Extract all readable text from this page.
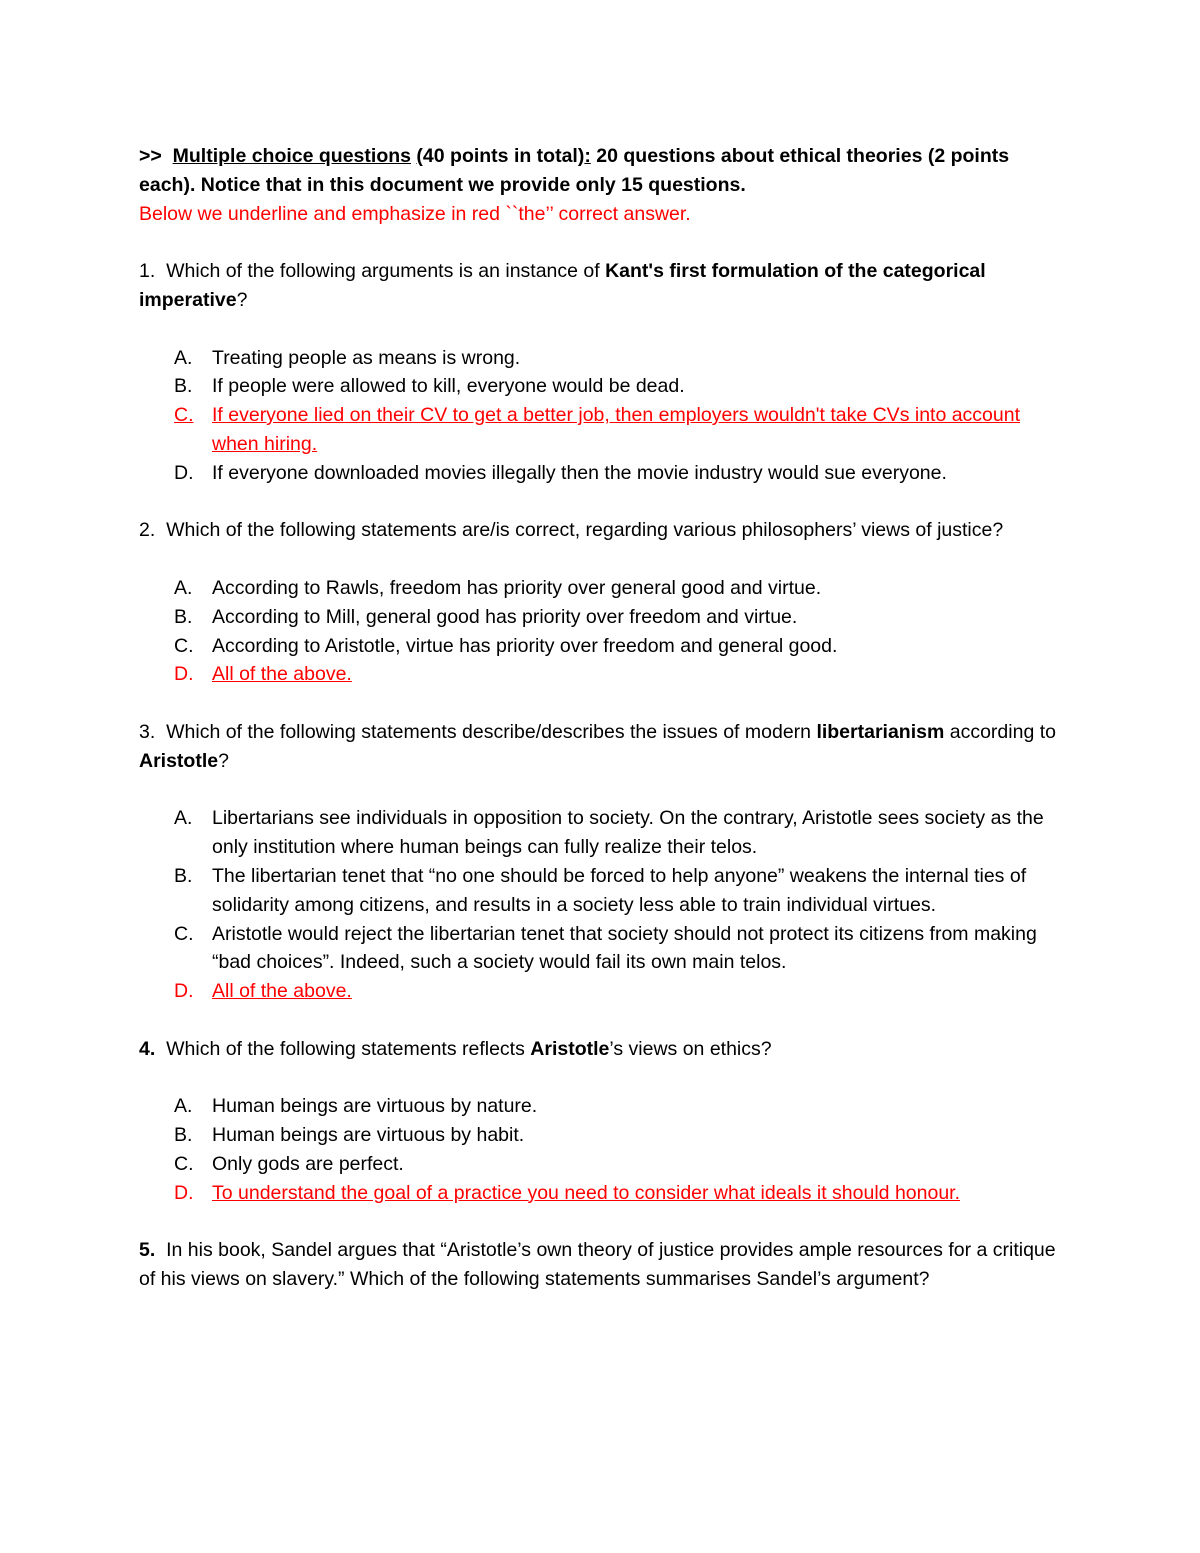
>> Multiple choice questions (40 points in total): 20 questions about ethical theories (2 points each). Notice that in this document we provide only 15 questions.
Below we underline and emphasize in red ``the’’ correct answer.
1. Which of the following arguments is an instance of Kant's first formulation of the categorical imperative?
A.	Treating people as means is wrong.
B.	If people were allowed to kill, everyone would be dead.
C. If everyone lied on their CV to get a better job, then employers wouldn't take CVs into account when hiring.
D. If everyone downloaded movies illegally then the movie industry would sue everyone.
2. Which of the following statements are/is correct, regarding various philosophers’ views of justice?
A.	According to Rawls, freedom has priority over general good and virtue.
B.	According to Mill, general good has priority over freedom and virtue.
C. According to Aristotle, virtue has priority over freedom and general good.
D. All of the above.
3. Which of the following statements describe/describes the issues of modern libertarianism according to Aristotle?
A.	Libertarians see individuals in opposition to society. On the contrary, Aristotle sees society as the only institution where human beings can fully realize their telos.
B.	The libertarian tenet that “no one should be forced to help anyone” weakens the internal ties of solidarity among citizens, and results in a society less able to train individual virtues.
C. Aristotle would reject the libertarian tenet that society should not protect its citizens from making “bad choices”. Indeed, such a society would fail its own main telos.
D. All of the above.
4. Which of the following statements reflects Aristotle’s views on ethics?
A.	Human beings are virtuous by nature.
B.	Human beings are virtuous by habit.
C. Only gods are perfect.
D. To understand the goal of a practice you need to consider what ideals it should honour.
5. In his book, Sandel argues that “Aristotle’s own theory of justice provides ample resources for a critique of his views on slavery.” Which of the following statements summarises Sandel’s argument?
